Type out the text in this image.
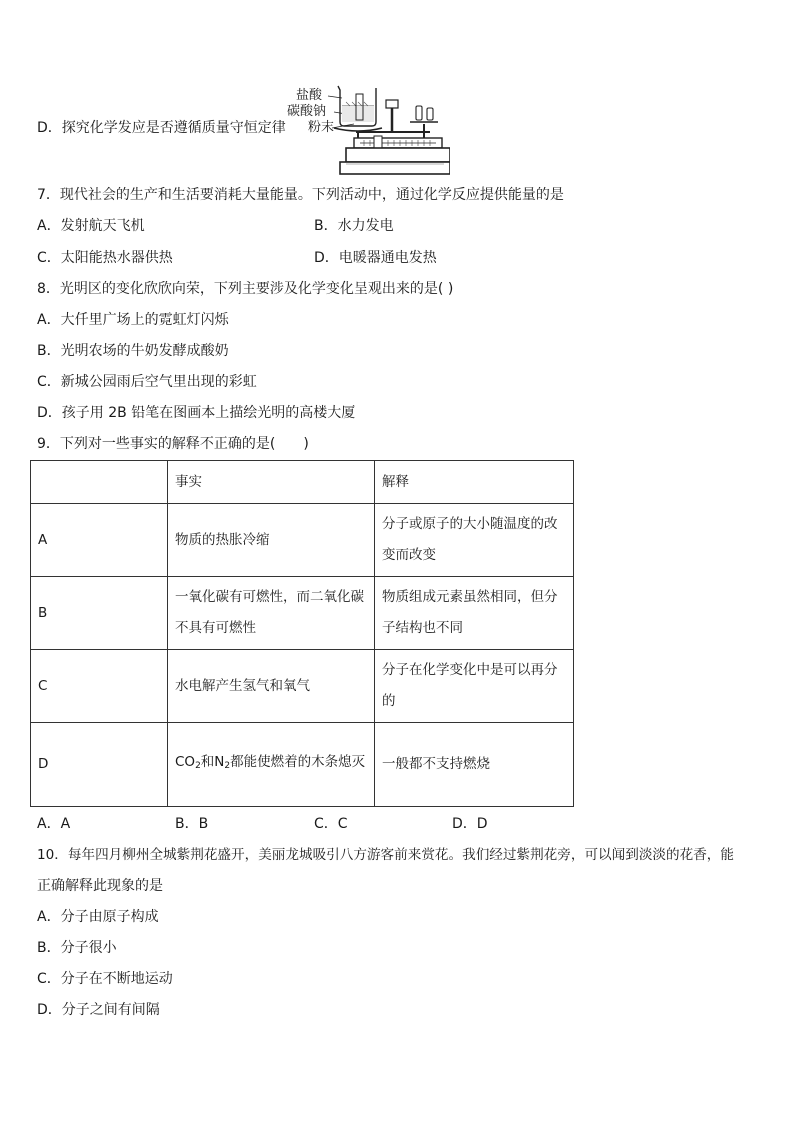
D．探究化学发应是否遵循质量守恒定律
盐酸
碳酸钠
粉末
7．现代社会的生产和生活要消耗大量能量。下列活动中，通过化学反应提供能量的是
A．发射航天飞机	B．水力发电
C．太阳能热水器供热	D．电暖器通电发热
8．光明区的变化欣欣向荣，下列主要涉及化学变化呈观出来的是( )
A．大仟里广场上的霓虹灯闪烁
B．光明农场的牛奶发酵成酸奶
C．新城公园雨后空气里出现的彩虹
D．孩子用 2B 铅笔在图画本上描绘光明的高楼大厦
9．下列对一些事实的解释不正确的是(　　)
	事实	解释
A	物质的热胀冷缩	分子或原子的大小随温度的改变而改变
B	一氧化碳有可燃性，而二氧化碳不具有可燃性	物质组成元素虽然相同，但分子结构也不同
C	水电解产生氢气和氧气	分子在化学变化中是可以再分的
D	$CO_2$和$N_2$都能使燃着的木条熄灭	一般都不支持燃烧
A．A	B．B	C．C	D．D
10．每年四月柳州全城紫荆花盛开，美丽龙城吸引八方游客前来赏花。我们经过紫荆花旁，可以闻到淡淡的花香，能
正确解释此现象的是
A．分子由原子构成
B．分子很小
C．分子在不断地运动
D．分子之间有间隔
